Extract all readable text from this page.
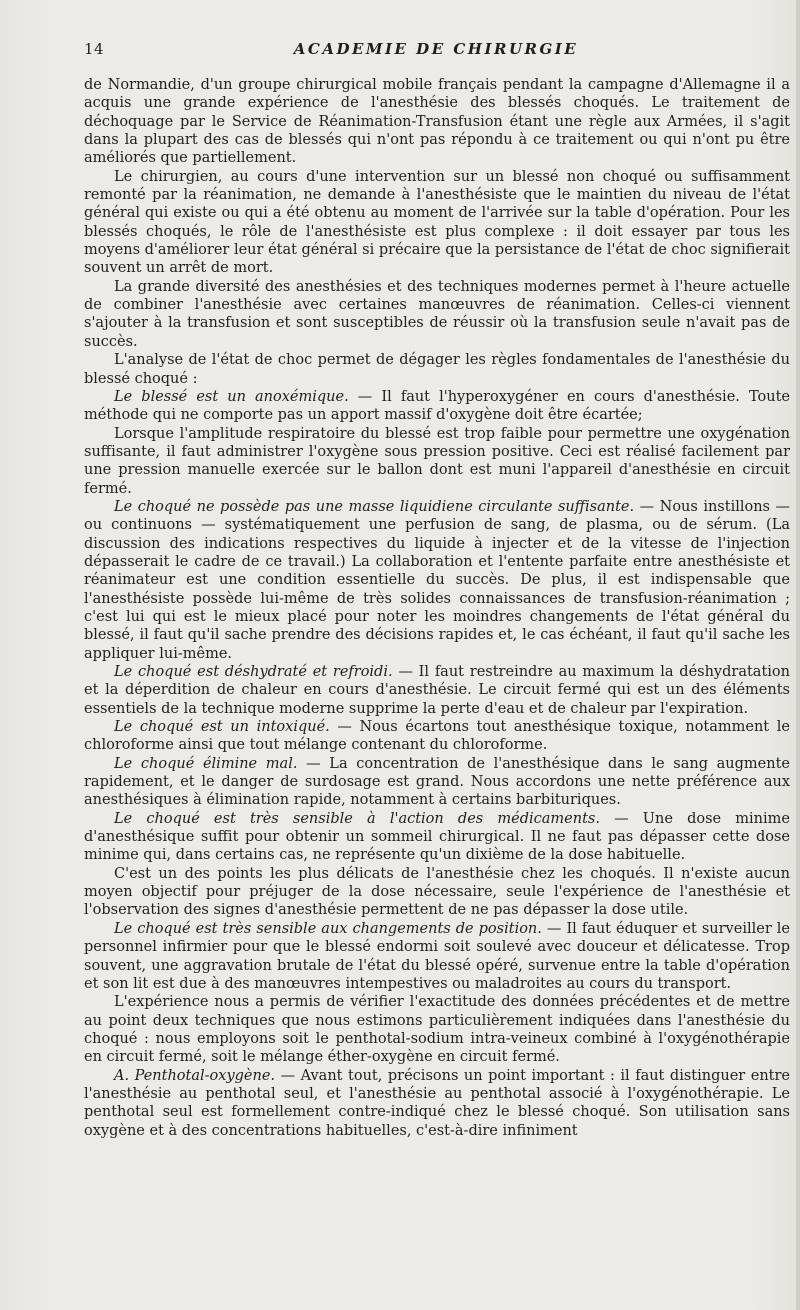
14	ACADEMIE DE CHIRURGIE

de Normandie, d'un groupe chirurgical mobile français pendant la campagne d'Allemagne il a acquis une grande expérience de l'anesthésie des blessés choqués. Le traitement de déchoquage par le Service de Réanimation-Transfusion étant une règle aux Armées, il s'agit dans la plupart des cas de blessés qui n'ont pas répondu à ce traitement ou qui n'ont pu être améliorés que partiellement.

Le chirurgien, au cours d'une intervention sur un blessé non choqué ou suffisamment remonté par la réanimation, ne demande à l'anesthésiste que le maintien du niveau de l'état général qui existe ou qui a été obtenu au moment de l'arrivée sur la table d'opération. Pour les blessés choqués, le rôle de l'anesthésiste est plus complexe : il doit essayer par tous les moyens d'améliorer leur état général si précaire que la persistance de l'état de choc signifierait souvent un arrêt de mort.

La grande diversité des anesthésies et des techniques modernes permet à l'heure actuelle de combiner l'anesthésie avec certaines manœuvres de réanimation. Celles-ci viennent s'ajouter à la transfusion et sont susceptibles de réussir où la transfusion seule n'avait pas de succès.

L'analyse de l'état de choc permet de dégager les règles fondamentales de l'anesthésie du blessé choqué :

Le blessé est un anoxémique. — Il faut l'hyperoxygéner en cours d'anesthésie. Toute méthode qui ne comporte pas un apport massif d'oxygène doit être écartée;

Lorsque l'amplitude respiratoire du blessé est trop faible pour permettre une oxygénation suffisante, il faut administrer l'oxygène sous pression positive. Ceci est réalisé facilement par une pression manuelle exercée sur le ballon dont est muni l'appareil d'anesthésie en circuit fermé.

Le choqué ne possède pas une masse liquidiene circulante suffisante. — Nous instillons — ou continuons — systématiquement une perfusion de sang, de plasma, ou de sérum. (La discussion des indications respectives du liquide à injecter et de la vitesse de l'injection dépasserait le cadre de ce travail.) La collaboration et l'entente parfaite entre anesthésiste et réanimateur est une condition essentielle du succès. De plus, il est indispensable que l'anesthésiste possède lui-même de très solides connaissances de transfusion-réanimation ; c'est lui qui est le mieux placé pour noter les moindres changements de l'état général du blessé, il faut qu'il sache prendre des décisions rapides et, le cas échéant, il faut qu'il sache les appliquer lui-même.

Le choqué est déshydraté et refroidi. — Il faut restreindre au maximum la déshydratation et la déperdition de chaleur en cours d'anesthésie. Le circuit fermé qui est un des éléments essentiels de la technique moderne supprime la perte d'eau et de chaleur par l'expiration.

Le choqué est un intoxiqué. — Nous écartons tout anesthésique toxique, notamment le chloroforme ainsi que tout mélange contenant du chloroforme.

Le choqué élimine mal. — La concentration de l'anesthésique dans le sang augmente rapidement, et le danger de surdosage est grand. Nous accordons une nette préférence aux anesthésiques à élimination rapide, notamment à certains barbituriques.

Le choqué est très sensible à l'action des médicaments. — Une dose minime d'anesthésique suffit pour obtenir un sommeil chirurgical. Il ne faut pas dépasser cette dose minime qui, dans certains cas, ne représente qu'un dixième de la dose habituelle.

C'est un des points les plus délicats de l'anesthésie chez les choqués. Il n'existe aucun moyen objectif pour préjuger de la dose nécessaire, seule l'expérience de l'anesthésie et l'observation des signes d'anesthésie permettent de ne pas dépasser la dose utile.

Le choqué est très sensible aux changements de position. — Il faut éduquer et surveiller le personnel infirmier pour que le blessé endormi soit soulevé avec douceur et délicatesse. Trop souvent, une aggravation brutale de l'état du blessé opéré, survenue entre la table d'opération et son lit est due à des manœuvres intempestives ou maladroites au cours du transport.

L'expérience nous a permis de vérifier l'exactitude des données précédentes et de mettre au point deux techniques que nous estimons particulièrement indiquées dans l'anesthésie du choqué : nous employons soit le penthotal-sodium intra-veineux combiné à l'oxygénothérapie en circuit fermé, soit le mélange éther-oxygène en circuit fermé.

A. Penthotal-oxygène. — Avant tout, précisons un point important : il faut distinguer entre l'anesthésie au penthotal seul, et l'anesthésie au penthotal associé à l'oxygénothérapie. Le penthotal seul est formellement contre-indiqué chez le blessé choqué. Son utilisation sans oxygène et à des concentrations habituelles, c'est-à-dire infiniment
